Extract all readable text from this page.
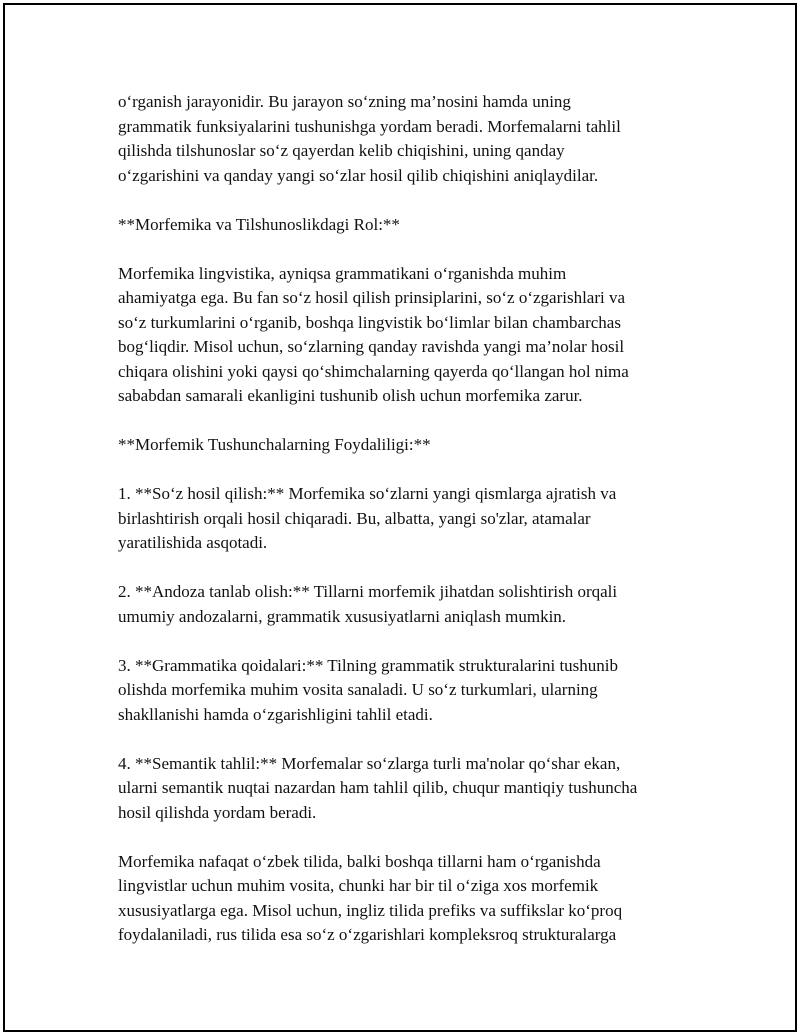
o‘rganish jarayonidir. Bu jarayon so‘zning ma’nosini hamda uning
grammatik funksiyalarini tushunishga yordam beradi. Morfemalarni tahlil
qilishda tilshunoslar so‘z qayerdan kelib chiqishini, uning qanday
o‘zgarishini va qanday yangi so‘zlar hosil qilib chiqishini aniqlaydilar.

**Morfemika va Tilshunoslikdagi Rol:**

Morfemika lingvistika, ayniqsa grammatikani o‘rganishda muhim
ahamiyatga ega. Bu fan so‘z hosil qilish prinsiplarini, so‘z o‘zgarishlari va
so‘z turkumlarini o‘rganib, boshqa lingvistik bo‘limlar bilan chambarchas
bog‘liqdir. Misol uchun, so‘zlarning qanday ravishda yangi ma’nolar hosil
chiqara olishini yoki qaysi qo‘shimchalarning qayerda qo‘llangan hol nima
sababdan samarali ekanligini tushunib olish uchun morfemika zarur.

**Morfemik Tushunchalarning Foydaliligi:**

1. **So‘z hosil qilish:** Morfemika so‘zlarni yangi qismlarga ajratish va
birlashtirish orqali hosil chiqaradi. Bu, albatta, yangi so'zlar, atamalar
yaratilishida asqotadi.

2. **Andoza tanlab olish:** Tillarni morfemik jihatdan solishtirish orqali
umumiy andozalarni, grammatik xususiyatlarni aniqlash mumkin.

3. **Grammatika qoidalari:** Tilning grammatik strukturalarini tushunib
olishda morfemika muhim vosita sanaladi. U so‘z turkumlari, ularning
shakllanishi hamda o‘zgarishligini tahlil etadi.

4. **Semantik tahlil:** Morfemalar so‘zlarga turli ma'nolar qo‘shar ekan,
ularni semantik nuqtai nazardan ham tahlil qilib, chuqur mantiqiy tushuncha
hosil qilishda yordam beradi.

Morfemika nafaqat o‘zbek tilida, balki boshqa tillarni ham o‘rganishda
lingvistlar uchun muhim vosita, chunki har bir til o‘ziga xos morfemik
xususiyatlarga ega. Misol uchun, ingliz tilida prefiks va suffikslar ko‘proq
foydalaniladi, rus tilida esa so‘z o‘zgarishlari kompleksroq strukturalarga
